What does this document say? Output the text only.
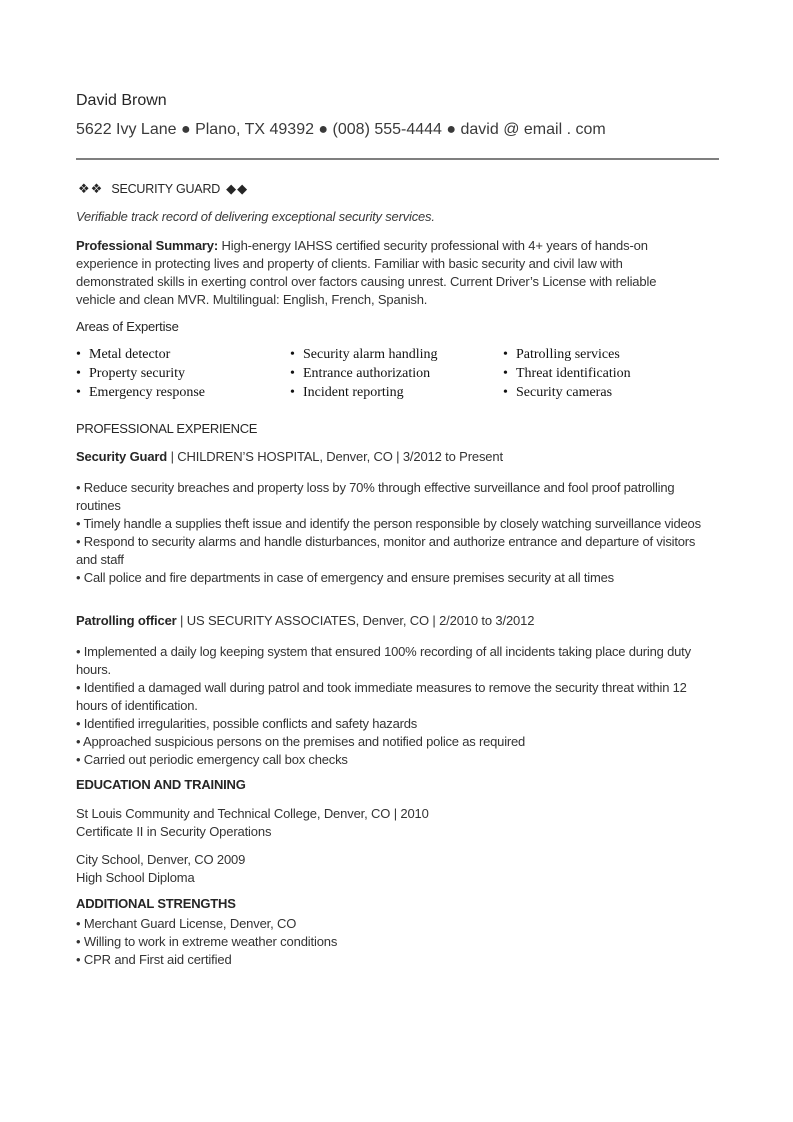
David Brown
5622 Ivy Lane ● Plano, TX 49392 ● (008) 555-4444 ● david @ email . com
❖❖ SECURITY GUARD ◆◆
Verifiable track record of delivering exceptional security services.
Professional Summary: High-energy IAHSS certified security professional with 4+ years of hands-on experience in protecting lives and property of clients. Familiar with basic security and civil law with demonstrated skills in exerting control over factors causing unrest. Current Driver’s License with reliable vehicle and clean MVR. Multilingual: English, French, Spanish.
Areas of Expertise
• Metal detector
• Property security
• Emergency response
• Security alarm handling
• Entrance authorization
• Incident reporting
• Patrolling services
• Threat identification
• Security cameras
PROFESSIONAL EXPERIENCE
Security Guard | CHILDREN’S HOSPITAL, Denver, CO | 3/2012 to Present
• Reduce security breaches and property loss by 70% through effective surveillance and fool proof patrolling routines
• Timely handle a supplies theft issue and identify the person responsible by closely watching surveillance videos
• Respond to security alarms and handle disturbances, monitor and authorize entrance and departure of visitors and staff
• Call police and fire departments in case of emergency and ensure premises security at all times
Patrolling officer | US SECURITY ASSOCIATES, Denver, CO | 2/2010 to 3/2012
• Implemented a daily log keeping system that ensured 100% recording of all incidents taking place during duty hours.
• Identified a damaged wall during patrol and took immediate measures to remove the security threat within 12 hours of identification.
• Identified irregularities, possible conflicts and safety hazards
• Approached suspicious persons on the premises and notified police as required
• Carried out periodic emergency call box checks
EDUCATION AND TRAINING
St Louis Community and Technical College, Denver, CO | 2010
Certificate II in Security Operations
City School, Denver, CO 2009
High School Diploma
ADDITIONAL STRENGTHS
• Merchant Guard License, Denver, CO
• Willing to work in extreme weather conditions
• CPR and First aid certified
